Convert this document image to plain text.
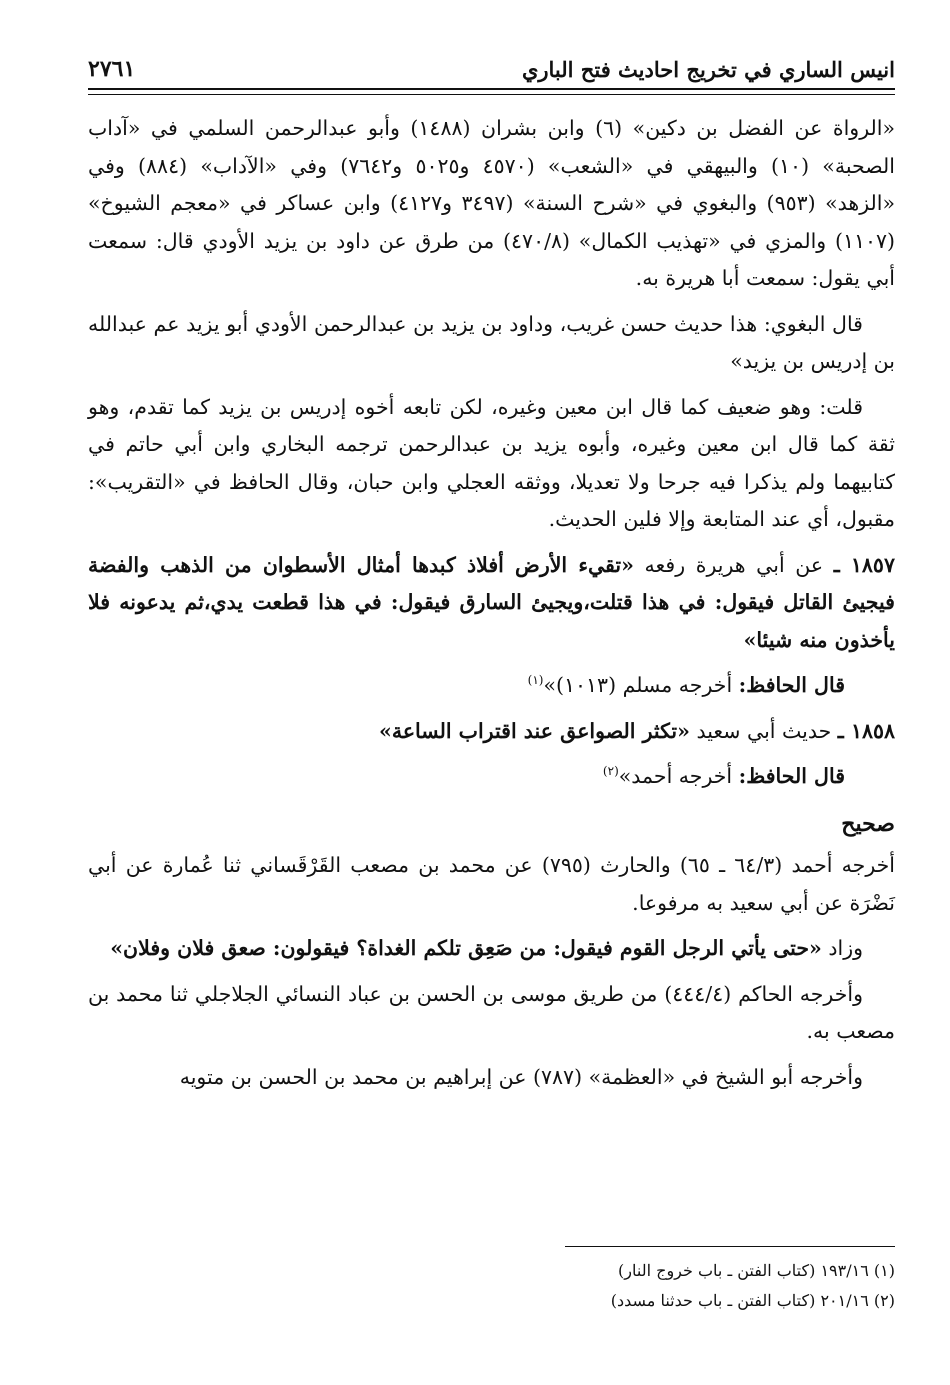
انيس الساري في تخريج احاديث فتح الباري
٢٧٦١

«الرواة عن الفضل بن دكين» (٦) وابن بشران (١٤٨٨) وأبو عبدالرحمن السلمي في «آداب الصحبة» (١٠) والبيهقي في «الشعب» (٤٥٧٠ و٥٠٢٥ و٧٦٤٢) وفي «الآداب» (٨٨٤) وفي «الزهد» (٩٥٣) والبغوي في «شرح السنة» (٣٤٩٧ و٤١٢٧) وابن عساكر في «معجم الشيوخ» (١١٠٧) والمزي في «تهذيب الكمال» (٤٧٠/٨) من طرق عن داود بن يزيد الأودي قال: سمعت أبي يقول: سمعت أبا هريرة به.

قال البغوي: هذا حديث حسن غريب، وداود بن يزيد بن عبدالرحمن الأودي أبو يزيد عم عبدالله بن إدريس بن يزيد»

قلت: وهو ضعيف كما قال ابن معين وغيره، لكن تابعه أخوه إدريس بن يزيد كما تقدم، وهو ثقة كما قال ابن معين وغيره، وأبوه يزيد بن عبدالرحمن ترجمه البخاري وابن أبي حاتم في كتابيهما ولم يذكرا فيه جرحا ولا تعديلا، ووثقه العجلي وابن حبان، وقال الحافظ في «التقريب»: مقبول، أي عند المتابعة وإلا فلين الحديث.

١٨٥٧ ـ عن أبي هريرة رفعه «تقيء الأرض أفلاذ كبدها أمثال الأسطوان من الذهب والفضة فيجيئ القاتل فيقول: في هذا قتلت،ويجيئ السارق فيقول: في هذا قطعت يدي،ثم يدعونه فلا يأخذون منه شيئا»
قال الحافظ: أخرجه مسلم (١٠١٣)»$^{(١)}$
١٨٥٨ ـ حديث أبي سعيد «تكثر الصواعق عند اقتراب الساعة»
قال الحافظ: أخرجه أحمد»$^{(٢)}$
صحيح

أخرجه أحمد (٦٤/٣ ـ ٦٥) والحارث (٧٩٥) عن محمد بن مصعب القَرْقَساني ثنا عُمارة عن أبي نَضْرَة عن أبي سعيد به مرفوعا.

وزاد «حتى يأتي الرجل القوم فيقول: من صَعِق تلكم الغداة؟ فيقولون: صعق فلان وفلان»

وأخرجه الحاكم (٤٤٤/٤) من طريق موسى بن الحسن بن عباد النسائي الجلاجلي ثنا محمد بن مصعب به.

وأخرجه أبو الشيخ في «العظمة» (٧٨٧) عن إبراهيم بن محمد بن الحسن بن متويه

(١) ١٩٣/١٦ (كتاب الفتن ـ باب خروج النار)

(٢) ٢٠١/١٦ (كتاب الفتن ـ باب حدثنا مسدد)
